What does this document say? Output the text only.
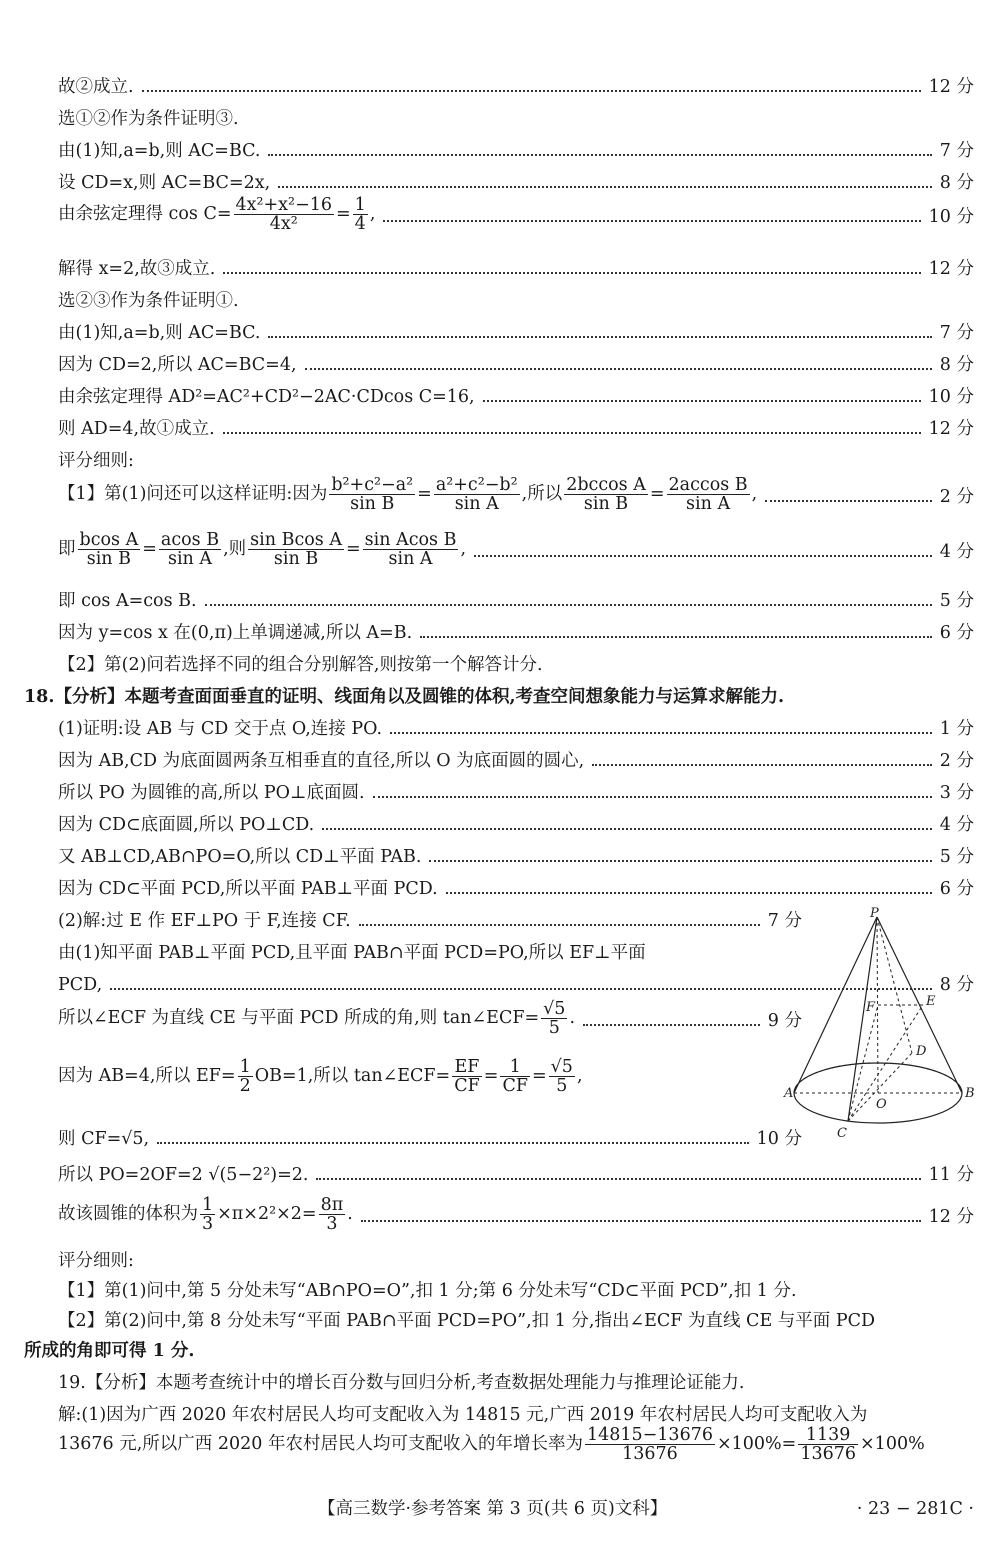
故②成立.	12 分
选①②作为条件证明③.
由(1)知,a=b,则 AC=BC.	7 分
设 CD=x,则 AC=BC=2x,	8 分
由余弦定理得 $\cos C= \frac{\text{4x²+x²−16}}{\text{4x²}} = \frac{1}{4}$ ,	10 分
解得 x=2,故③成立.	12 分
选②③作为条件证明①.
由(1)知,a=b,则 AC=BC.	7 分
因为 CD=2,所以 AC=BC=4,	8 分
由余弦定理得 AD²=AC²+CD²−2AC·CDcos C=16,	10 分
则 AD=4,故①成立.	12 分
评分细则:
【1】第(1)问还可以这样证明:因为 $\frac{\text{b²+c²−a²}}{\text{sin B}} = \frac{\text{a²+c²−b²}}{\text{sin A}}$ ,所以 $\frac{\text{2bccos A}}{\text{sin B}} = \frac{\text{2accos B}}{\text{sin A}}$ ,	2 分
即 $\frac{\text{bcos A}}{\text{sin B}} = \frac{\text{acos B}}{\text{sin A}}$ ,则 $\frac{\text{sin Bcos A}}{\text{sin B}} = \frac{\text{sin Acos B}}{\text{sin A}}$ ,	4 分
即 cos A=cos B.	5 分
因为 y=cos x 在(0,π)上单调递减,所以 A=B.	6 分
【2】第(2)问若选择不同的组合分别解答,则按第一个解答计分.
18.【分析】本题考查面面垂直的证明、线面角以及圆锥的体积,考查空间想象能力与运算求解能力.
(1)证明:设 AB 与 CD 交于点 O,连接 PO.	1 分
因为 AB,CD 为底面圆两条互相垂直的直径,所以 O 为底面圆的圆心,	2 分
所以 PO 为圆锥的高,所以 PO⊥底面圆.	3 分
因为 CD⊂底面圆,所以 PO⊥CD.	4 分
又 AB⊥CD,AB∩PO=O,所以 CD⊥平面 PAB.	5 分
因为 CD⊂平面 PCD,所以平面 PAB⊥平面 PCD.	6 分
(2)解:过 E 作 EF⊥PO 于 F,连接 CF.	7 分
由(1)知平面 PAB⊥平面 PCD,且平面 PAB∩平面 PCD=PO,所以 EF⊥平面
PCD,	8 分
所以∠ECF 为直线 CE 与平面 PCD 所成的角,则 tan∠ECF= $\frac{√5}{5}$ .	9 分
因为 AB=4,所以 $EF= \frac{1}{2} OB=1$,所以 tan∠ECF= $\frac{EF}{CF} = \frac{1}{CF} = \frac{√5}{5}$ ,
则 CF=√5,	10 分
所以 PO=2OF=2 √(5−2²)=2.	11 分
故该圆锥的体积为 $\frac{1}{3} \times\pi\times 2^2\times 2= \frac{8\pi}{3}$ .	12 分
评分细则:
【1】第(1)问中,第 5 分处未写“AB∩PO=O”,扣 1 分;第 6 分处未写“CD⊂平面 PCD”,扣 1 分.
【2】第(2)问中,第 8 分处未写“平面 PAB∩平面 PCD=PO”,扣 1 分,指出∠ECF 为直线 CE 与平面 PCD
所成的角即可得 1 分.
19.【分析】本题考查统计中的增长百分数与回归分析,考查数据处理能力与推理论证能力.
解:(1)因为广西 2020 年农村居民人均可支配收入为 14815 元,广西 2019 年农村居民人均可支配收入为
13676 元,所以广西 2020 年农村居民人均可支配收入的年增长率为 $\frac{14815-13676}{13676} \times 100\%= \frac{1139}{13676} \times 100\%$
P
F	E
D
A
O
B
C
【高三数学·参考答案 第 3 页(共 6 页)文科】	· 23 − 281C ·
